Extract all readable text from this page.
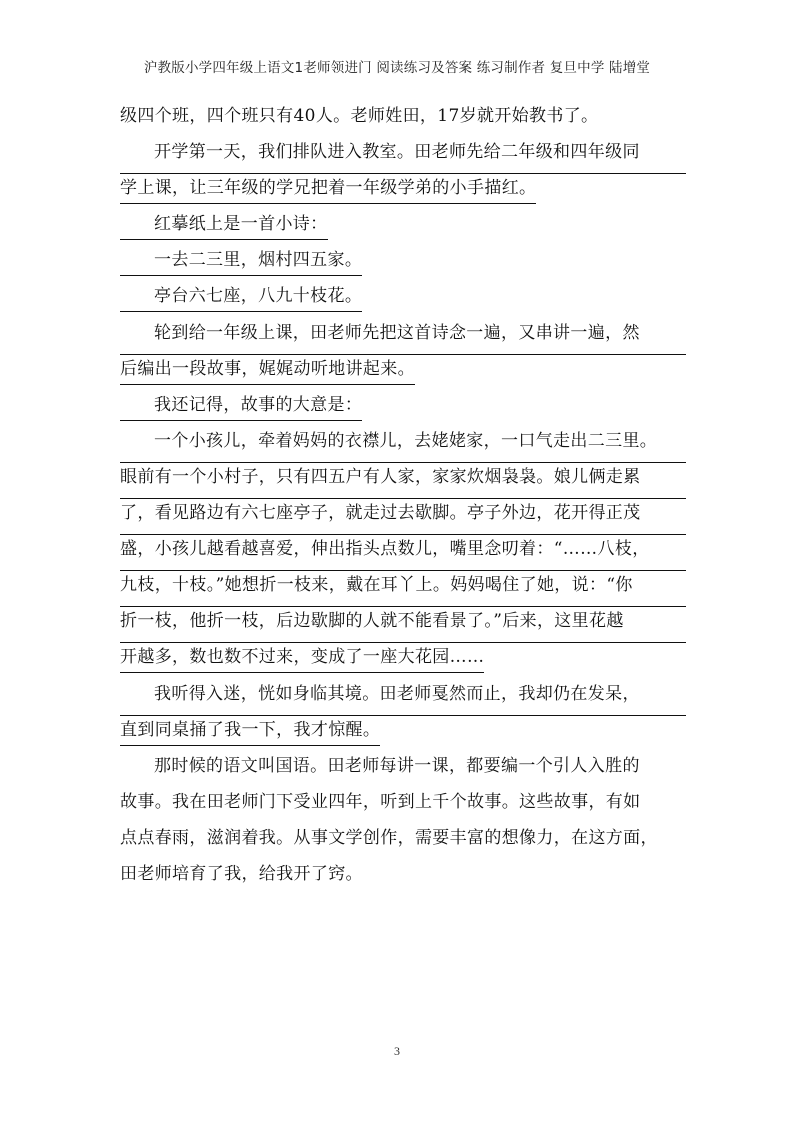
沪教版小学四年级上语文1老师领进门 阅读练习及答案 练习制作者 复旦中学 陆增堂
级四个班，四个班只有40人。老师姓田，17岁就开始教书了。
开学第一天，我们排队进入教室。田老师先给二年级和四年级同
学上课，让三年级的学兄把着一年级学弟的小手描红。
红摹纸上是一首小诗：
一去二三里，烟村四五家。
亭台六七座，八九十枝花。
轮到给一年级上课，田老师先把这首诗念一遍，又串讲一遍，然
后编出一段故事，娓娓动听地讲起来。
我还记得，故事的大意是：
一个小孩儿，牵着妈妈的衣襟儿，去姥姥家，一口气走出二三里。
眼前有一个小村子，只有四五户有人家，家家炊烟袅袅。娘儿俩走累
了，看见路边有六七座亭子，就走过去歇脚。亭子外边，花开得正茂
盛，小孩儿越看越喜爱，伸出指头点数儿，嘴里念叨着：“……八枝，
九枝，十枝。”她想折一枝来，戴在耳丫上。妈妈喝住了她，说：“你
折一枝，他折一枝，后边歇脚的人就不能看景了。”后来，这里花越
开越多，数也数不过来，变成了一座大花园……
我听得入迷，恍如身临其境。田老师戛然而止，我却仍在发呆，
直到同桌捅了我一下，我才惊醒。
那时候的语文叫国语。田老师每讲一课，都要编一个引人入胜的
故事。我在田老师门下受业四年，听到上千个故事。这些故事，有如
点点春雨，滋润着我。从事文学创作，需要丰富的想像力，在这方面，
田老师培育了我，给我开了窍。
3
